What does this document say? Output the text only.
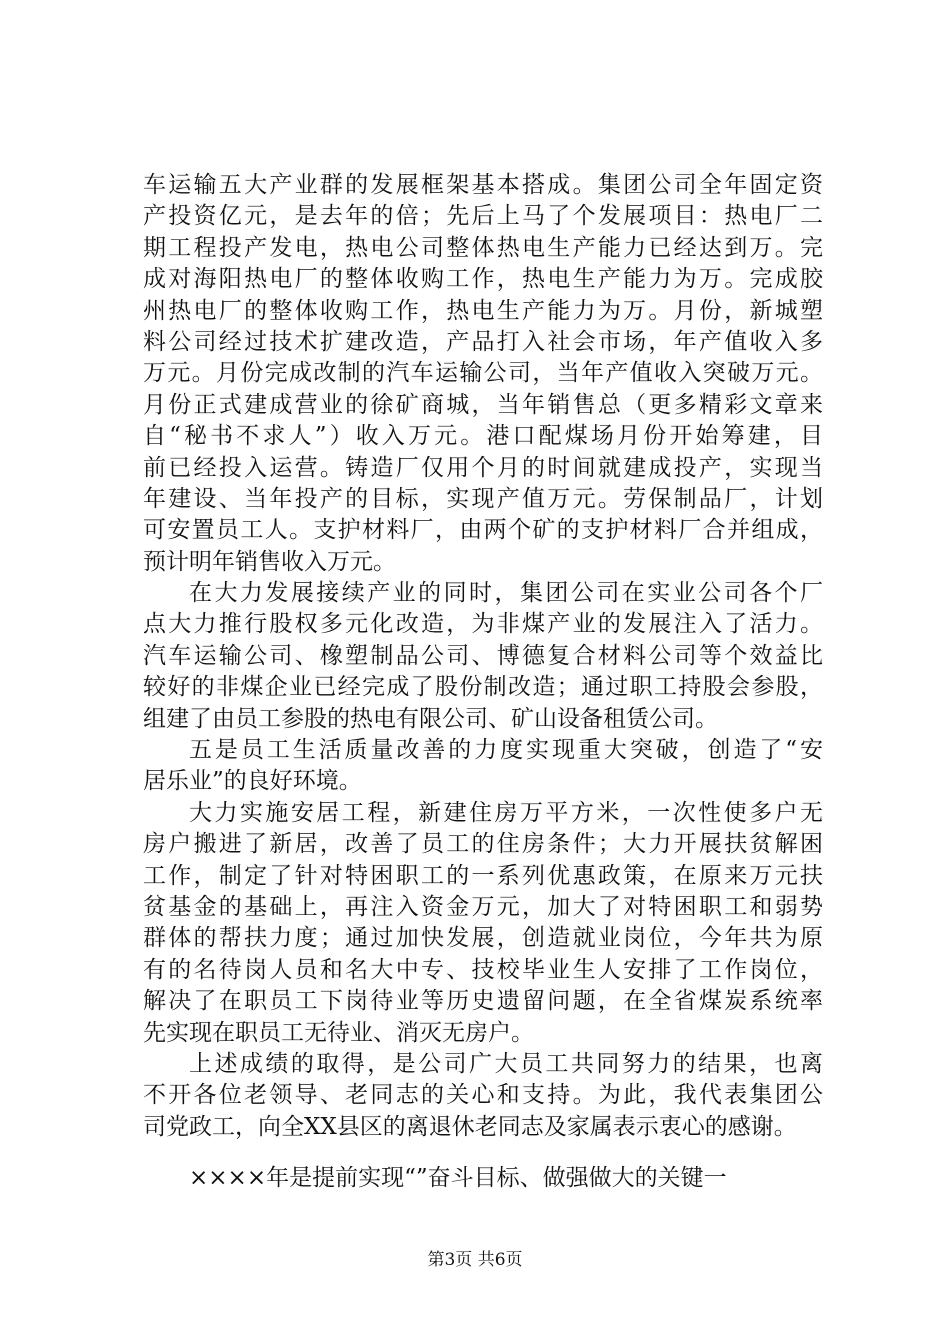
车运输五大产业群的发展框架基本搭成。集团公司全年固定资
产投资亿元，是去年的倍；先后上马了个发展项目：热电厂二
期工程投产发电，热电公司整体热电生产能力已经达到万。完
成对海阳热电厂的整体收购工作，热电生产能力为万。完成胶
州热电厂的整体收购工作，热电生产能力为万。月份，新城塑
料公司经过技术扩建改造，产品打入社会市场，年产值收入多
万元。月份完成改制的汽车运输公司，当年产值收入突破万元。
月份正式建成营业的徐矿商城，当年销售总（更多精彩文章来
自“秘书不求人”）收入万元。港口配煤场月份开始筹建，目
前已经投入运营。铸造厂仅用个月的时间就建成投产，实现当
年建设、当年投产的目标，实现产值万元。劳保制品厂，计划
可安置员工人。支护材料厂，由两个矿的支护材料厂合并组成，
预计明年销售收入万元。
在大力发展接续产业的同时，集团公司在实业公司各个厂
点大力推行股权多元化改造，为非煤产业的发展注入了活力。
汽车运输公司、橡塑制品公司、博德复合材料公司等个效益比
较好的非煤企业已经完成了股份制改造；通过职工持股会参股，
组建了由员工参股的热电有限公司、矿山设备租赁公司。
五是员工生活质量改善的力度实现重大突破，创造了“安
居乐业”的良好环境。
大力实施安居工程，新建住房万平方米，一次性使多户无
房户搬进了新居，改善了员工的住房条件；大力开展扶贫解困
工作，制定了针对特困职工的一系列优惠政策，在原来万元扶
贫基金的基础上，再注入资金万元，加大了对特困职工和弱势
群体的帮扶力度；通过加快发展，创造就业岗位，今年共为原
有的名待岗人员和名大中专、技校毕业生人安排了工作岗位，
解决了在职员工下岗待业等历史遗留问题，在全省煤炭系统率
先实现在职员工无待业、消灭无房户。
上述成绩的取得，是公司广大员工共同努力的结果，也离
不开各位老领导、老同志的关心和支持。为此，我代表集团公
司党政工，向全XX县区的离退休老同志及家属表示衷心的感谢。
××××年是提前实现“”奋斗目标、做强做大的关键一
第3页 共6页
